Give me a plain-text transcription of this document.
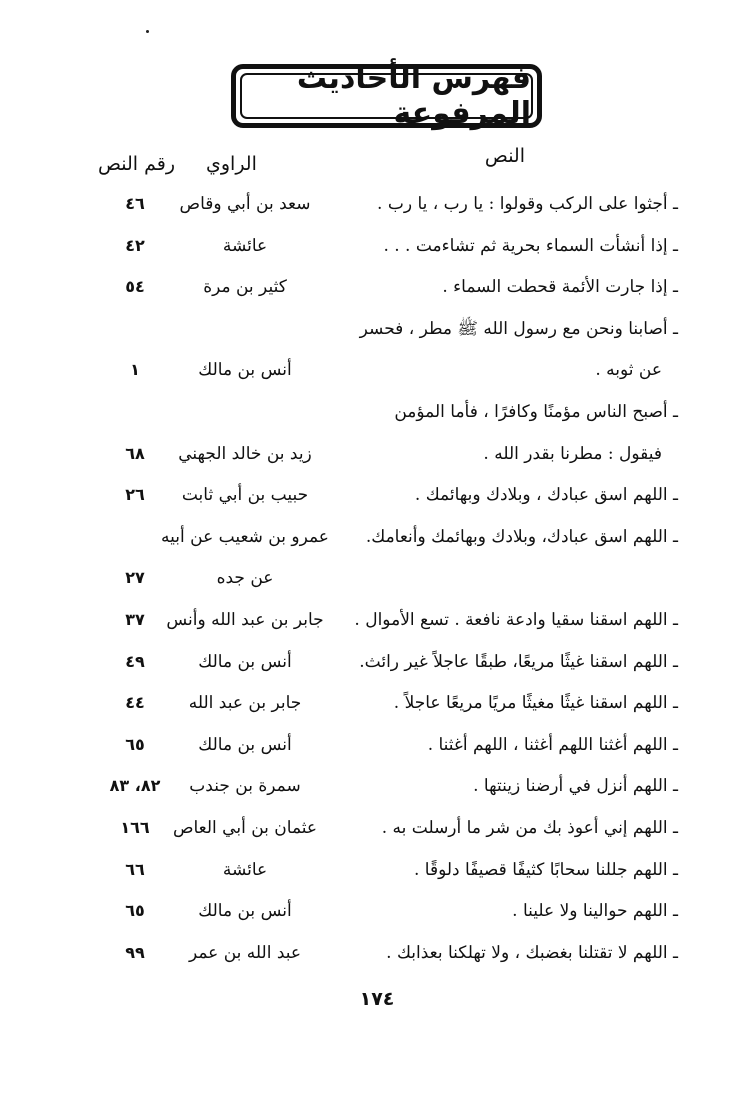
فهرس الأحاديث المرفوعة
النص
الراوي
رقم النص
ـ أجثوا على الركب وقولوا : يا رب ، يا رب .
سعد بن أبي وقاص
٤٦
ـ إذا أنشأت السماء بحرية ثم تشاءمت . . .
عائشة
٤٢
ـ إذا جارت الأئمة قحطت السماء .
كثير بن مرة
٥٤
ـ أصابنا ونحن مع رسول الله ﷺ مطر ، فحسر
عن ثوبه .
أنس بن مالك
١
ـ أصبح الناس مؤمنًا وكافرًا ، فأما المؤمن
فيقول : مطرنا بقدر الله .
زيد بن خالد الجهني
٦٨
ـ اللهم اسق عبادك ، وبلادك وبهائمك .
حبيب بن أبي ثابت
٢٦
ـ اللهم اسق عبادك، وبلادك وبهائمك وأنعامك.
عمرو بن شعيب عن أبيه
عن جده
٢٧
ـ اللهم اسقنا سقيا وادعة نافعة . تسع الأموال .
جابر بن عبد الله وأنس
٣٧
ـ اللهم اسقنا غيثًا مريعًا، طبقًا عاجلاً غير رائث.
أنس بن مالك
٤٩
ـ اللهم اسقنا غيثًا مغيثًا مريًا مريعًا عاجلاً .
جابر بن عبد الله
٤٤
ـ اللهم أغثنا اللهم أغثنا ، اللهم أغثنا .
أنس بن مالك
٦٥
ـ اللهم أنزل في أرضنا زينتها .
سمرة بن جندب
٨٢، ٨٣
ـ اللهم إني أعوذ بك من شر ما أرسلت به .
عثمان بن أبي العاص
١٦٦
ـ اللهم جللنا سحابًا كثيفًا قصيفًا دلوقًا .
عائشة
٦٦
ـ اللهم حوالينا ولا علينا .
أنس بن مالك
٦٥
ـ اللهم لا تقتلنا بغضبك ، ولا تهلكنا بعذابك .
عبد الله بن عمر
٩٩
١٧٤
